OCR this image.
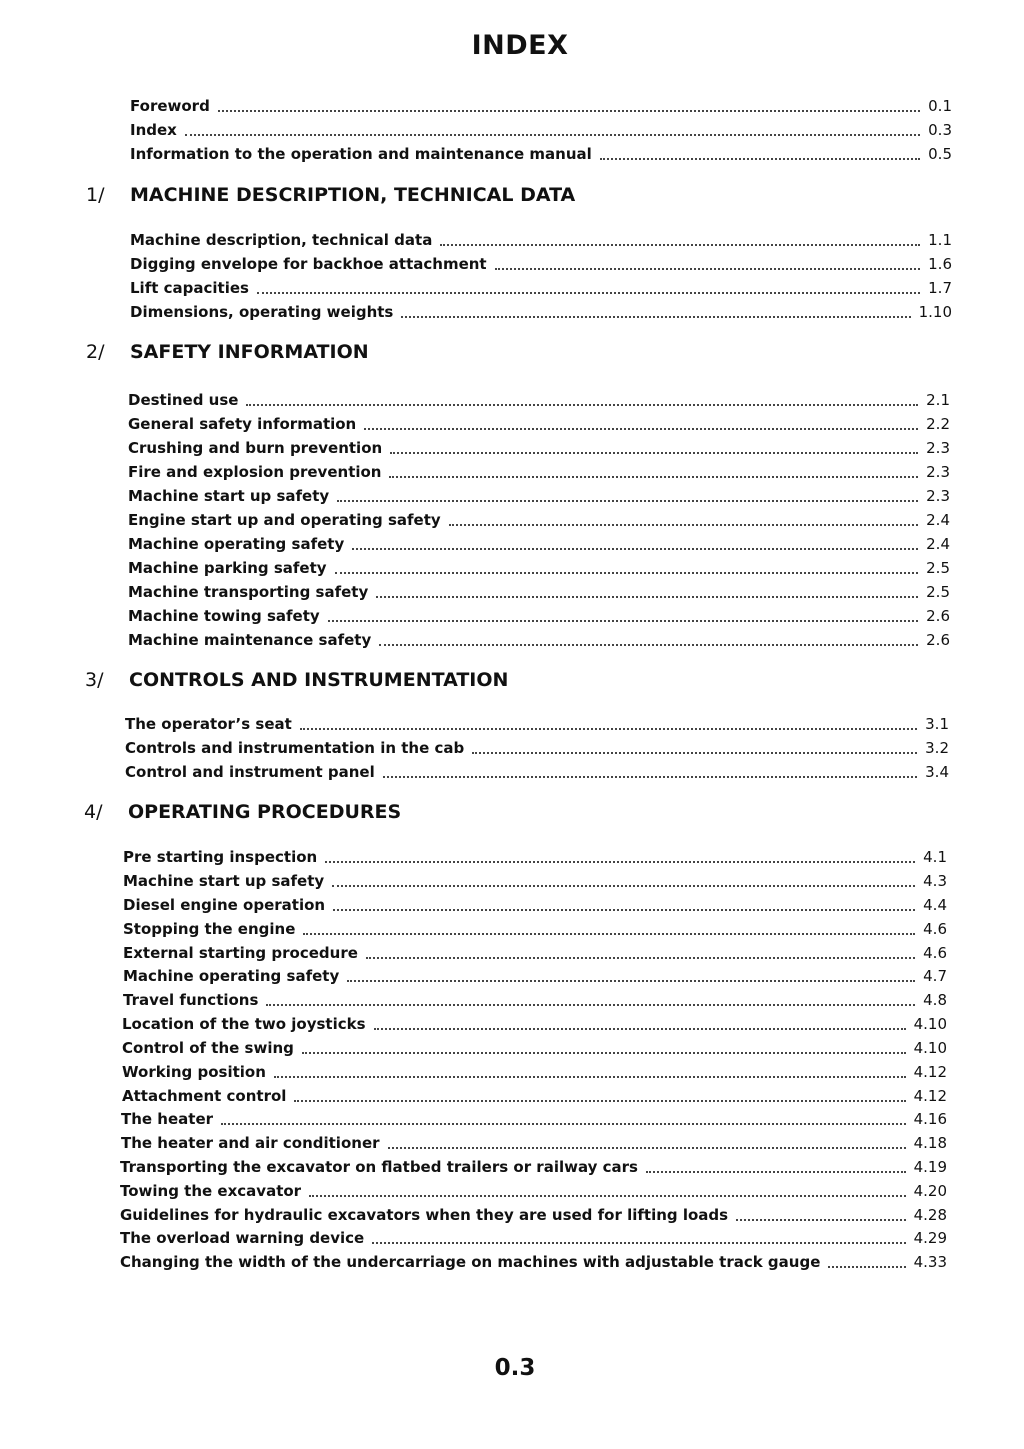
INDEX
Foreword	0.1
Index	0.3
Information to the operation and maintenance manual	0.5
1/ MACHINE DESCRIPTION, TECHNICAL DATA
Machine description, technical data	1.1
Digging envelope for backhoe attachment	1.6
Lift capacities	1.7
Dimensions, operating weights	1.10
2/ SAFETY INFORMATION
Destined use	2.1
General safety information	2.2
Crushing and burn prevention	2.3
Fire and explosion prevention	2.3
Machine start up safety	2.3
Engine start up and operating safety	2.4
Machine operating safety	2.4
Machine parking safety	2.5
Machine transporting safety	2.5
Machine towing safety	2.6
Machine maintenance safety	2.6
3/ CONTROLS AND INSTRUMENTATION
The operator’s seat	3.1
Controls and instrumentation in the cab	3.2
Control and instrument panel	3.4
4/ OPERATING PROCEDURES
Pre starting inspection	4.1
Machine start up safety	4.3
Diesel engine operation	4.4
Stopping the engine	4.6
External starting procedure	4.6
Machine operating safety	4.7
Travel functions	4.8
Location of the two joysticks	4.10
Control of the swing	4.10
Working position	4.12
Attachment control	4.12
The heater	4.16
The heater and air conditioner	4.18
Transporting the excavator on flatbed trailers or railway cars	4.19
Towing the excavator	4.20
Guidelines for hydraulic excavators when they are used for lifting loads	4.28
The overload warning device	4.29
Changing the width of the undercarriage on machines with adjustable track gauge	4.33
0.3
